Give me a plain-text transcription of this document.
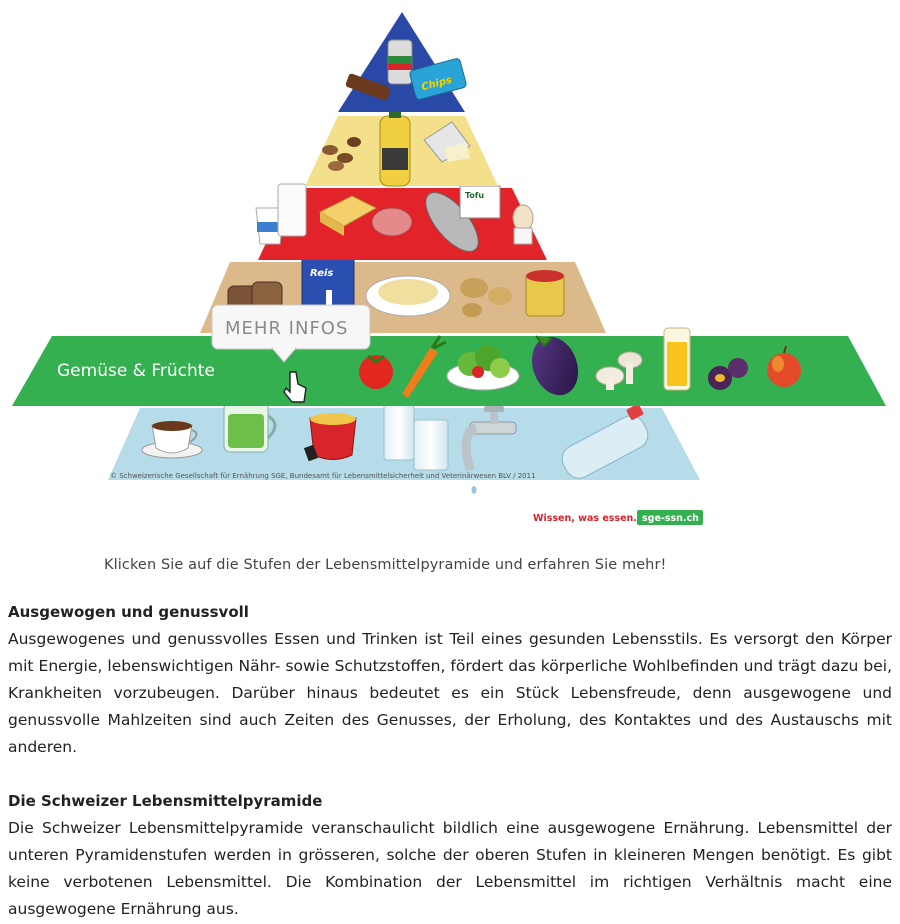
© Schweizerische Gesellschaft für Ernährung SGE, Bundesamt für Lebensmittelsicherheit und Veterinärwesen BLV / 2011
Gemüse & Früchte
Reis
Tofu
Chips
MEHR INFOS
Wissen, was essen. sge-ssn.ch
Klicken Sie auf die Stufen der Lebensmittelpyramide und erfahren Sie mehr!
Ausgewogen und genussvoll

Ausgewogenes und genussvolles Essen und Trinken ist Teil eines gesunden Lebensstils. Es versorgt den Körper mit Energie, lebenswichtigen Nähr- sowie Schutzstoffen, fördert das körperliche Wohlbefinden und trägt dazu bei, Krankheiten vorzubeugen. Darüber hinaus bedeutet es ein Stück Lebensfreude, denn ausgewogene und genussvolle Mahlzeiten sind auch Zeiten des Genusses, der Erholung, des Kontaktes und des Austauschs mit anderen.

Die Schweizer Lebensmittelpyramide

Die Schweizer Lebensmittelpyramide veranschaulicht bildlich eine ausgewogene Ernährung. Lebensmittel der unteren Pyramidenstufen werden in grösseren, solche der oberen Stufen in kleineren Mengen benötigt. Es gibt keine verbotenen Lebensmittel. Die Kombination der Lebensmittel im richtigen Verhältnis macht eine ausgewogene Ernährung aus.
